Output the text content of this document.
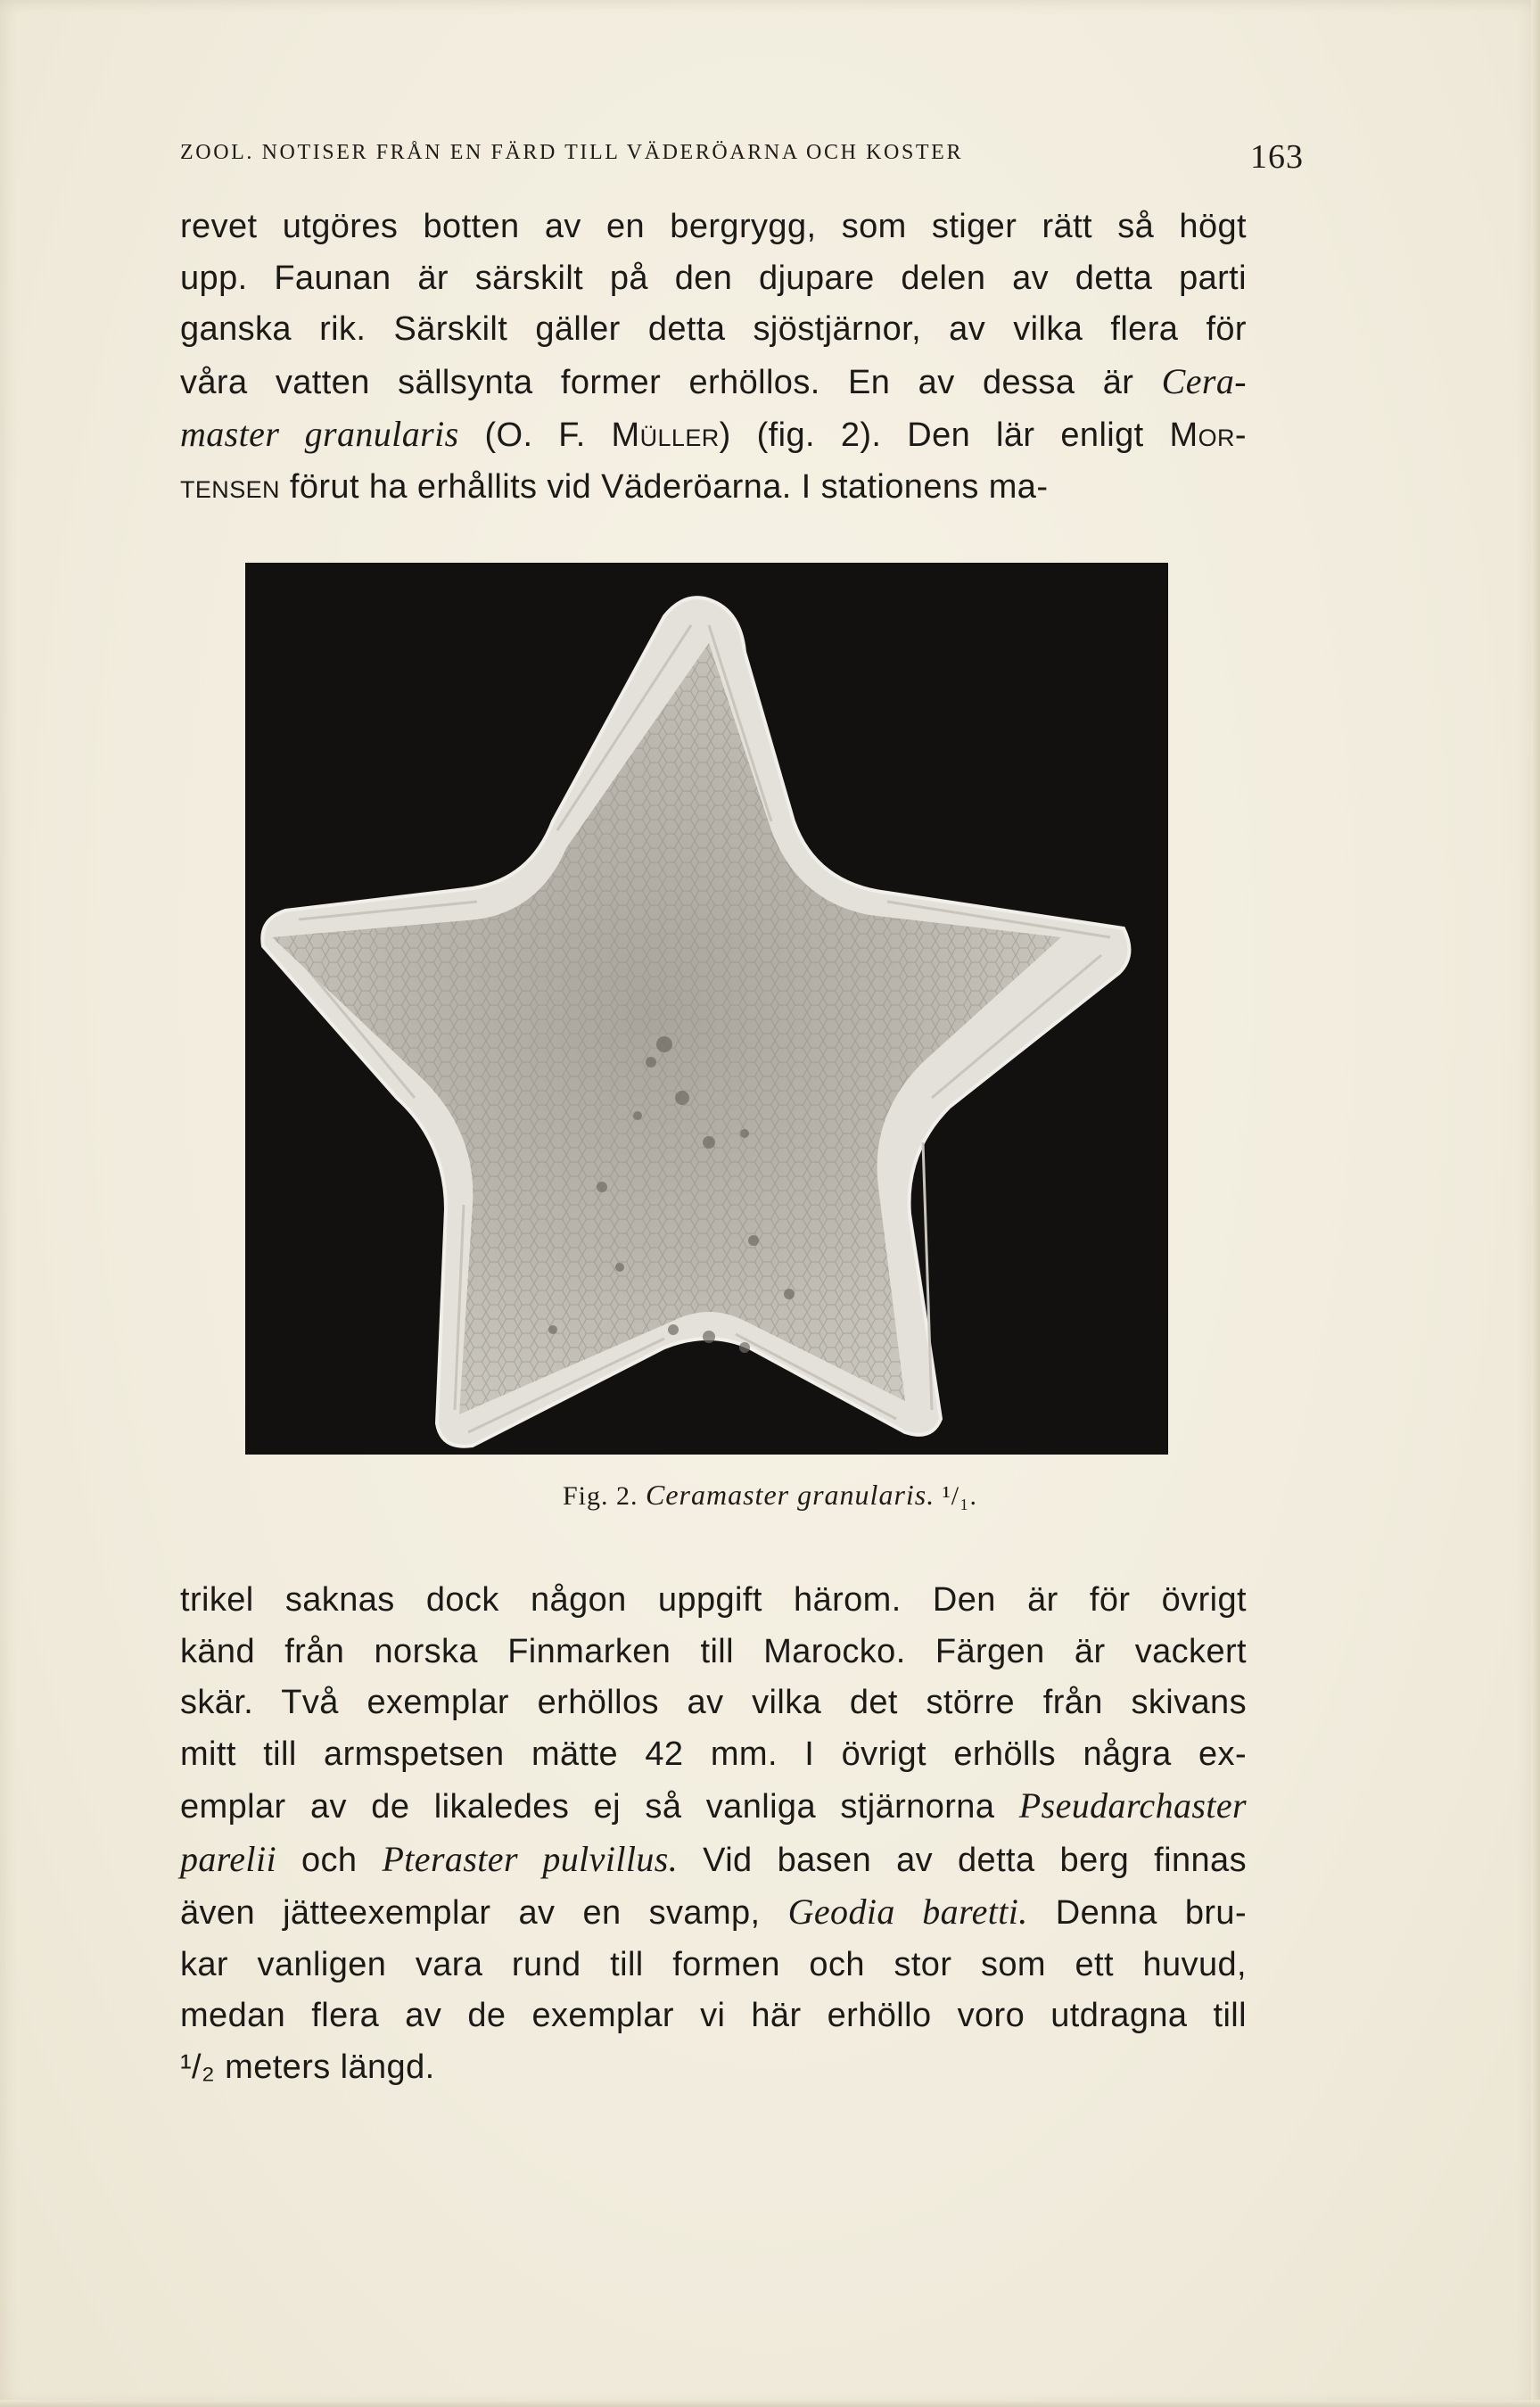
ZOOL. NOTISER FRÅN EN FÄRD TILL VÄDERÖARNA OCH KOSTER	163
revet utgöres botten av en bergrygg, som stiger rätt så högt
upp. Faunan är särskilt på den djupare delen av detta parti
ganska rik. Särskilt gäller detta sjöstjärnor, av vilka flera för
våra vatten sällsynta former erhöllos. En av dessa är Cera-
master granularis (O. F. Müller) (fig. 2). Den lär enligt Mor-
tensen förut ha erhållits vid Väderöarna. I stationens ma-
Fig. 2. Ceramaster granularis. ¹/₁.
trikel saknas dock någon uppgift härom. Den är för övrigt
känd från norska Finmarken till Marocko. Färgen är vackert
skär. Två exemplar erhöllos av vilka det större från skivans
mitt till armspetsen mätte 42 mm. I övrigt erhölls några ex-
emplar av de likaledes ej så vanliga stjärnorna Pseudarchaster
parelii och Pteraster pulvillus. Vid basen av detta berg finnas
även jätteexemplar av en svamp, Geodia baretti. Denna bru-
kar vanligen vara rund till formen och stor som ett huvud,
medan flera av de exemplar vi här erhöllo voro utdragna till
¹/₂ meters längd.
